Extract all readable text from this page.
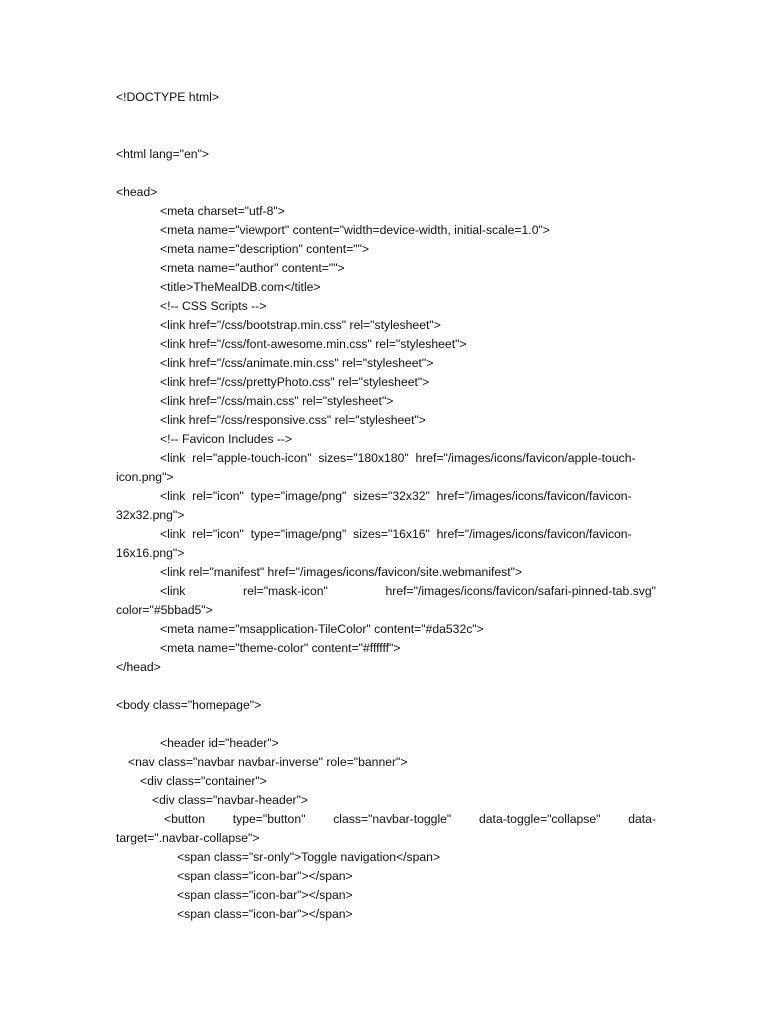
<!DOCTYPE html>
<html lang="en">
<head>
<meta charset="utf-8">
<meta name="viewport" content="width=device-width, initial-scale=1.0">
<meta name="description" content="">
<meta name="author" content="">
<title>TheMealDB.com</title>
<!-- CSS Scripts -->
<link href="/css/bootstrap.min.css" rel="stylesheet">
<link href="/css/font-awesome.min.css" rel="stylesheet">
<link href="/css/animate.min.css" rel="stylesheet">
<link href="/css/prettyPhoto.css" rel="stylesheet">
<link href="/css/main.css" rel="stylesheet">
<link href="/css/responsive.css" rel="stylesheet">
<!-- Favicon Includes -->
<link  rel="apple-touch-icon"  sizes="180x180"  href="/images/icons/favicon/apple-touch-
icon.png">
<link  rel="icon"  type="image/png"  sizes="32x32"  href="/images/icons/favicon/favicon-
32x32.png">
<link  rel="icon"  type="image/png"  sizes="16x16"  href="/images/icons/favicon/favicon-
16x16.png">
<link rel="manifest" href="/images/icons/favicon/site.webmanifest">
<link	rel="mask-icon"	href="/images/icons/favicon/safari-pinned-tab.svg"
color="#5bbad5">
<meta name="msapplication-TileColor" content="#da532c">
<meta name="theme-color" content="#ffffff">
</head>
<body class="homepage">
<header id="header">
<nav class="navbar navbar-inverse" role="banner">
<div class="container">
<div class="navbar-header">
<button type="button" class="navbar-toggle" data-toggle="collapse" data-
target=".navbar-collapse">
<span class="sr-only">Toggle navigation</span>
<span class="icon-bar"></span>
<span class="icon-bar"></span>
<span class="icon-bar"></span>
